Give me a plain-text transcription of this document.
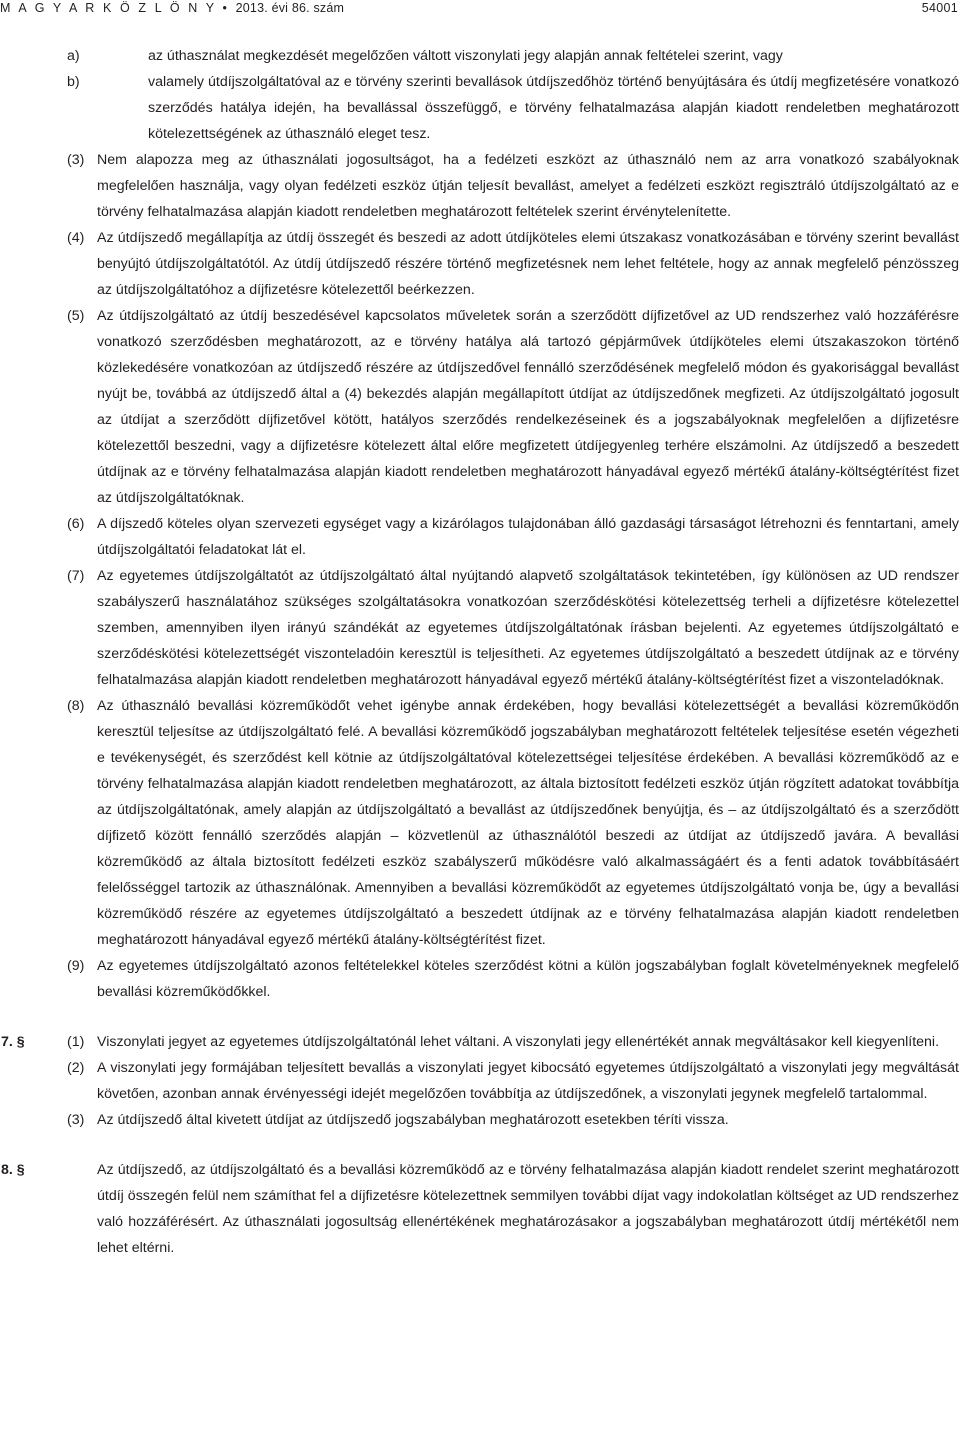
M A G Y A R K Ö Z L Ö N Y • 2013. évi 86. szám	54001
a)	az úthasználat megkezdését megelőzően váltott viszonylati jegy alapján annak feltételei szerint, vagy
b)	valamely útdíjszolgáltatóval az e törvény szerinti bevallások útdíjszedőhöz történő benyújtására és útdíj megfizetésére vonatkozó szerződés hatálya idején, ha bevallással összefüggő, e törvény felhatalmazása alapján kiadott rendeletben meghatározott kötelezettségének az úthasználó eleget tesz.
(3) Nem alapozza meg az úthasználati jogosultságot, ha a fedélzeti eszközt az úthasználó nem az arra vonatkozó szabályoknak megfelelően használja, vagy olyan fedélzeti eszköz útján teljesít bevallást, amelyet a fedélzeti eszközt regisztráló útdíjszolgáltató az e törvény felhatalmazása alapján kiadott rendeletben meghatározott feltételek szerint érvénytelenítette.
(4) Az útdíjszedő megállapítja az útdíj összegét és beszedi az adott útdíjköteles elemi útszakasz vonatkozásában e törvény szerint bevallást benyújtó útdíjszolgáltatótól. Az útdíj útdíjszedő részére történő megfizetésnek nem lehet feltétele, hogy az annak megfelelő pénzösszeg az útdíjszolgáltatóhoz a díjfizetésre kötelezettől beérkezzen.
(5) Az útdíjszolgáltató az útdíj beszedésével kapcsolatos műveletek során a szerződött díjfizetővel az UD rendszerhez való hozzáférésre vonatkozó szerződésben meghatározott, az e törvény hatálya alá tartozó gépjárművek útdíjköteles elemi útszakaszokon történő közlekedésére vonatkozóan az útdíjszedő részére az útdíjszedővel fennálló szerződésének megfelelő módon és gyakorisággal bevallást nyújt be, továbbá az útdíjszedő által a (4) bekezdés alapján megállapított útdíjat az útdíjszedőnek megfizeti. Az útdíjszolgáltató jogosult az útdíjat a szerződött díjfizetővel kötött, hatályos szerződés rendelkezéseinek és a jogszabályoknak megfelelően a díjfizetésre kötelezettől beszedni, vagy a díjfizetésre kötelezett által előre megfizetett útdíjegyenleg terhére elszámolni. Az útdíjszedő a beszedett útdíjnak az e törvény felhatalmazása alapján kiadott rendeletben meghatározott hányadával egyező mértékű átalány-költségtérítést fizet az útdíjszolgáltatóknak.
(6) A díjszedő köteles olyan szervezeti egységet vagy a kizárólagos tulajdonában álló gazdasági társaságot létrehozni és fenntartani, amely útdíjszolgáltatói feladatokat lát el.
(7) Az egyetemes útdíjszolgáltatót az útdíjszolgáltató által nyújtandó alapvető szolgáltatások tekintetében, így különösen az UD rendszer szabályszerű használatához szükséges szolgáltatásokra vonatkozóan szerződéskötési kötelezettség terheli a díjfizetésre kötelezettel szemben, amennyiben ilyen irányú szándékát az egyetemes útdíjszolgáltatónak írásban bejelenti. Az egyetemes útdíjszolgáltató e szerződéskötési kötelezettségét viszonteladóin keresztül is teljesítheti. Az egyetemes útdíjszolgáltató a beszedett útdíjnak az e törvény felhatalmazása alapján kiadott rendeletben meghatározott hányadával egyező mértékű átalány-költségtérítést fizet a viszonteladóknak.
(8) Az úthasználó bevallási közreműködőt vehet igénybe annak érdekében, hogy bevallási kötelezettségét a bevallási közreműködőn keresztül teljesítse az útdíjszolgáltató felé. A bevallási közreműködő jogszabályban meghatározott feltételek teljesítése esetén végezheti e tevékenységét, és szerződést kell kötnie az útdíjszolgáltatóval kötelezettségei teljesítése érdekében. A bevallási közreműködő az e törvény felhatalmazása alapján kiadott rendeletben meghatározott, az általa biztosított fedélzeti eszköz útján rögzített adatokat továbbítja az útdíjszolgáltatónak, amely alapján az útdíjszolgáltató a bevallást az útdíjszedőnek benyújtja, és – az útdíjszolgáltató és a szerződött díjfizető között fennálló szerződés alapján – közvetlenül az úthasználótól beszedi az útdíjat az útdíjszedő javára. A bevallási közreműködő az általa biztosított fedélzeti eszköz szabályszerű működésre való alkalmasságáért és a fenti adatok továbbításáért felelősséggel tartozik az úthasználónak. Amennyiben a bevallási közreműködőt az egyetemes útdíjszolgáltató vonja be, úgy a bevallási közreműködő részére az egyetemes útdíjszolgáltató a beszedett útdíjnak az e törvény felhatalmazása alapján kiadott rendeletben meghatározott hányadával egyező mértékű átalány-költségtérítést fizet.
(9) Az egyetemes útdíjszolgáltató azonos feltételekkel köteles szerződést kötni a külön jogszabályban foglalt követelményeknek megfelelő bevallási közreműködőkkel.
7. §	(1) Viszonylati jegyet az egyetemes útdíjszolgáltatónál lehet váltani. A viszonylati jegy ellenértékét annak megváltásakor kell kiegyenlíteni.
(2) A viszonylati jegy formájában teljesített bevallás a viszonylati jegyet kibocsátó egyetemes útdíjszolgáltató a viszonylati jegy megváltását követően, azonban annak érvényességi idejét megelőzően továbbítja az útdíjszedőnek, a viszonylati jegynek megfelelő tartalommal.
(3) Az útdíjszedő által kivetett útdíjat az útdíjszedő jogszabályban meghatározott esetekben téríti vissza.
8. §	Az útdíjszedő, az útdíjszolgáltató és a bevallási közreműködő az e törvény felhatalmazása alapján kiadott rendelet szerint meghatározott útdíj összegén felül nem számíthat fel a díjfizetésre kötelezettnek semmilyen további díjat vagy indokolatlan költséget az UD rendszerhez való hozzáférésért. Az úthasználati jogosultság ellenértékének meghatározásakor a jogszabályban meghatározott útdíj mértékétől nem lehet eltérni.
